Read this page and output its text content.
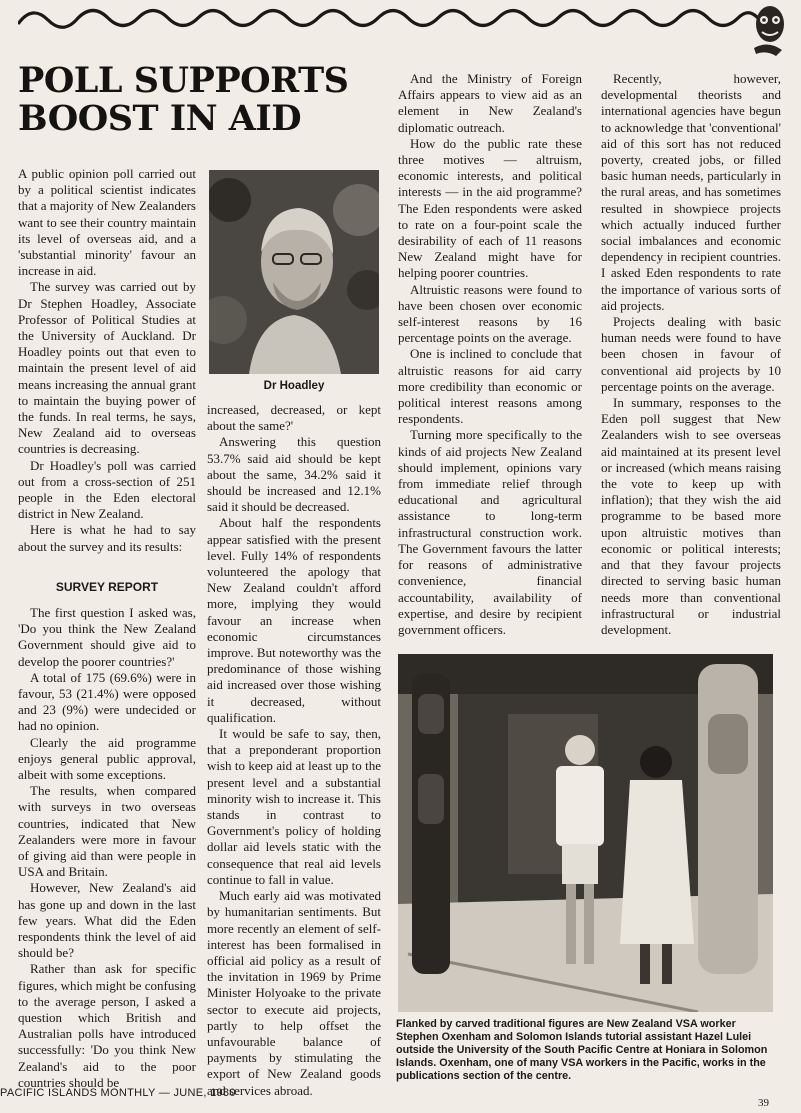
POLL SUPPORTS
BOOST IN AID

A public opinion poll carried out by a political scientist indicates that a majority of New Zealanders want to see their country maintain its level of overseas aid, and a 'substantial minority' favour an increase in aid.

The survey was carried out by Dr Stephen Hoadley, Associate Professor of Political Studies at the University of Auckland. Dr Hoadley points out that even to maintain the present level of aid means increasing the annual grant to maintain the buying power of the funds. In real terms, he says, New Zealand aid to overseas countries is decreasing.

Dr Hoadley's poll was carried out from a cross-section of 251 people in the Eden electoral district in New Zealand.

Here is what he had to say about the survey and its results:

SURVEY REPORT

The first question I asked was, 'Do you think the New Zealand Government should give aid to develop the poorer countries?'

A total of 175 (69.6%) were in favour, 53 (21.4%) were opposed and 23 (9%) were undecided or had no opinion.

Clearly the aid programme enjoys general public approval, albeit with some exceptions.

The results, when compared with surveys in two overseas countries, indicated that New Zealanders were more in favour of giving aid than were people in USA and Britain.

However, New Zealand's aid has gone up and down in the last few years. What did the Eden respondents think the level of aid should be?

Rather than ask for specific figures, which might be confusing to the average person, I asked a question which British and Australian polls have introduced successfully: 'Do you think New Zealand's aid to the poor countries should be

Dr Hoadley

increased, decreased, or kept about the same?'

Answering this question 53.7% said aid should be kept about the same, 34.2% said it should be increased and 12.1% said it should be decreased.

About half the respondents appear satisfied with the present level. Fully 14% of respondents volunteered the apology that New Zealand couldn't afford more, implying they would favour an increase when economic circumstances improve. But noteworthy was the predominance of those wishing aid increased over those wishing it decreased, without qualification.

It would be safe to say, then, that a preponderant proportion wish to keep aid at least up to the present level and a substantial minority wish to increase it. This stands in contrast to Government's policy of holding dollar aid levels static with the consequence that real aid levels continue to fall in value.

Much early aid was motivated by humanitarian sentiments. But more recently an element of self-interest has been formalised in official aid policy as a result of the invitation in 1969 by Prime Minister Holyoake to the private sector to execute aid projects, partly to help offset the unfavourable balance of payments by stimulating the export of New Zealand goods and services abroad.

And the Ministry of Foreign Affairs appears to view aid as an element in New Zealand's diplomatic outreach.

How do the public rate these three motives — altruism, economic interests, and political interests — in the aid programme? The Eden respondents were asked to rate on a four-point scale the desirability of each of 11 reasons New Zealand might have for helping poorer countries.

Altruistic reasons were found to have been chosen over economic self-interest reasons by 16 percentage points on the average.

One is inclined to conclude that altruistic reasons for aid carry more credibility than economic or political interest reasons among respondents.

Turning more specifically to the kinds of aid projects New Zealand should implement, opinions vary from immediate relief through educational and agricultural assistance to long-term infrastructural construction work. The Government favours the latter for reasons of administrative convenience, financial accountability, availability of expertise, and desire by recipient government officers.

Recently, however, developmental theorists and international agencies have begun to acknowledge that 'conventional' aid of this sort has not reduced poverty, created jobs, or filled basic human needs, particularly in the rural areas, and has sometimes resulted in showpiece projects which actually induced further social imbalances and economic dependency in recipient countries. I asked Eden respondents to rate the importance of various sorts of aid projects.

Projects dealing with basic human needs were found to have been chosen in favour of conventional aid projects by 10 percentage points on the average.

In summary, responses to the Eden poll suggest that New Zealanders wish to see overseas aid maintained at its present level or increased (which means raising the vote to keep up with inflation); that they wish the aid programme to be based more upon altruistic motives than economic or political interests; and that they favour projects directed to serving basic human needs more than conventional infrastructural or industrial development.

Flanked by carved traditional figures are New Zealand VSA worker Stephen Oxenham and Solomon Islands tutorial assistant Hazel Lulei outside the University of the South Pacific Centre at Honiara in Solomon Islands. Oxenham, one of many VSA workers in the Pacific, works in the publications section of the centre.
PACIFIC ISLANDS MONTHLY — JUNE, 1980
39
